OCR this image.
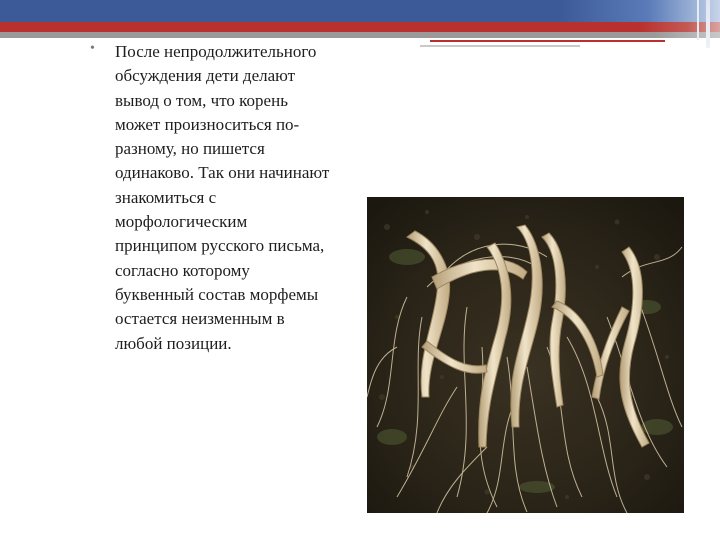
• После непродолжительного
обсуждения дети делают
вывод о том, что корень
может произноситься по-
разному, но пишется
одинаково. Так они начинают
знакомиться с
морфологическим
принципом русского письма,
согласно которому
буквенный состав морфемы
остается неизменным в
любой позиции.
